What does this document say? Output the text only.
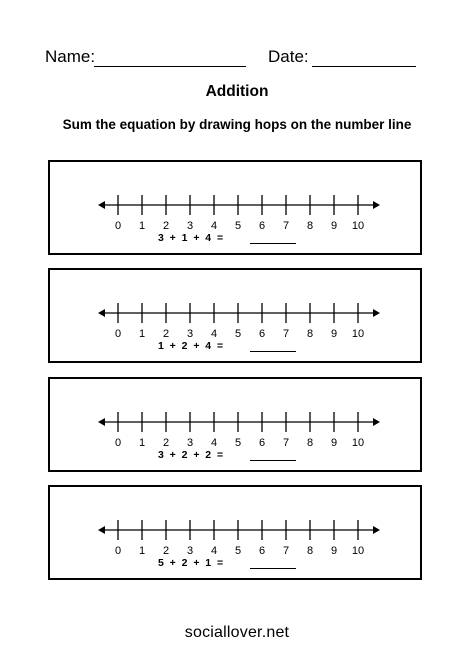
Name:	Date:
Addition
Sum the equation by drawing hops on the number line
0 1 2 3 4 5 6 7 8 9 10
3  +  1  +  4  =
0 1 2 3 4 5 6 7 8 9 10
1  +  2  +  4  =
0 1 2 3 4 5 6 7 8 9 10
3  +  2  +  2  =
0 1 2 3 4 5 6 7 8 9 10
5  +  2  +  1  =
sociallover.net
